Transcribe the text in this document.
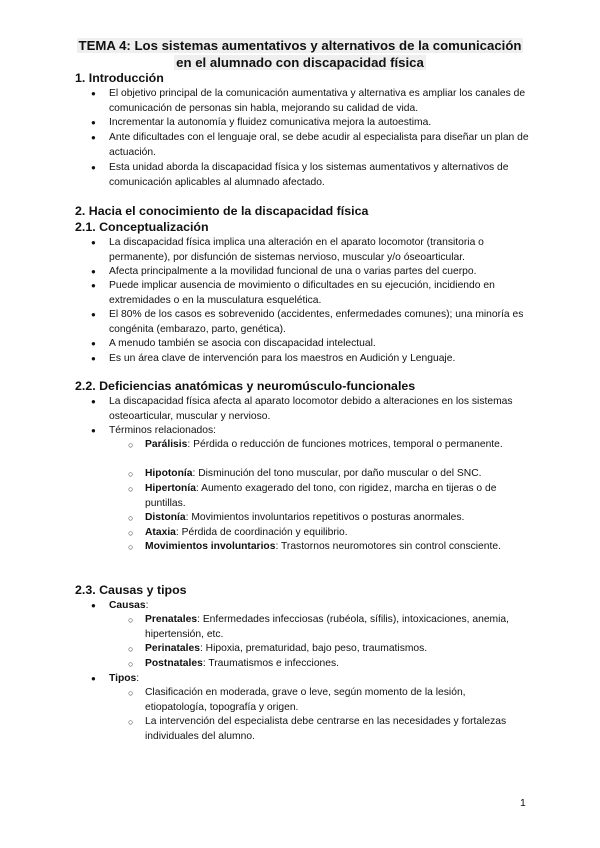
TEMA 4: Los sistemas aumentativos y alternativos de la comunicación
en el alumnado con discapacidad física
1. Introducción
● El objetivo principal de la comunicación aumentativa y alternativa es ampliar los canales de comunicación de personas sin habla, mejorando su calidad de vida.
● Incrementar la autonomía y fluidez comunicativa mejora la autoestima.
● Ante dificultades con el lenguaje oral, se debe acudir al especialista para diseñar un plan de actuación.
● Esta unidad aborda la discapacidad física y los sistemas aumentativos y alternativos de comunicación aplicables al alumnado afectado.
2. Hacia el conocimiento de la discapacidad física
2.1. Conceptualización
● La discapacidad física implica una alteración en el aparato locomotor (transitoria o permanente), por disfunción de sistemas nervioso, muscular y/o óseoarticular.
● Afecta principalmente a la movilidad funcional de una o varias partes del cuerpo.
● Puede implicar ausencia de movimiento o dificultades en su ejecución, incidiendo en extremidades o en la musculatura esquelética.
● El 80% de los casos es sobrevenido (accidentes, enfermedades comunes); una minoría es congénita (embarazo, parto, genética).
● A menudo también se asocia con discapacidad intelectual.
● Es un área clave de intervención para los maestros en Audición y Lenguaje.
2.2. Deficiencias anatómicas y neuromúsculo-funcionales
● La discapacidad física afecta al aparato locomotor debido a alteraciones en los sistemas osteoarticular, muscular y nervioso.
● Términos relacionados:
○ Parálisis: Pérdida o reducción de funciones motrices, temporal o permanente.
○ Hipotonía: Disminución del tono muscular, por daño muscular o del SNC.
○ Hipertonía: Aumento exagerado del tono, con rigidez, marcha en tijeras o de puntillas.
○ Distonía: Movimientos involuntarios repetitivos o posturas anormales.
○ Ataxia: Pérdida de coordinación y equilibrio.
○ Movimientos involuntarios: Trastornos neuromotores sin control consciente.
2.3. Causas y tipos
● Causas:
○ Prenatales: Enfermedades infecciosas (rubéola, sífilis), intoxicaciones, anemia, hipertensión, etc.
○ Perinatales: Hipoxia, prematuridad, bajo peso, traumatismos.
○ Postnatales: Traumatismos e infecciones.
● Tipos:
○ Clasificación en moderada, grave o leve, según momento de la lesión, etiopatología, topografía y origen.
○ La intervención del especialista debe centrarse en las necesidades y fortalezas individuales del alumno.
1
